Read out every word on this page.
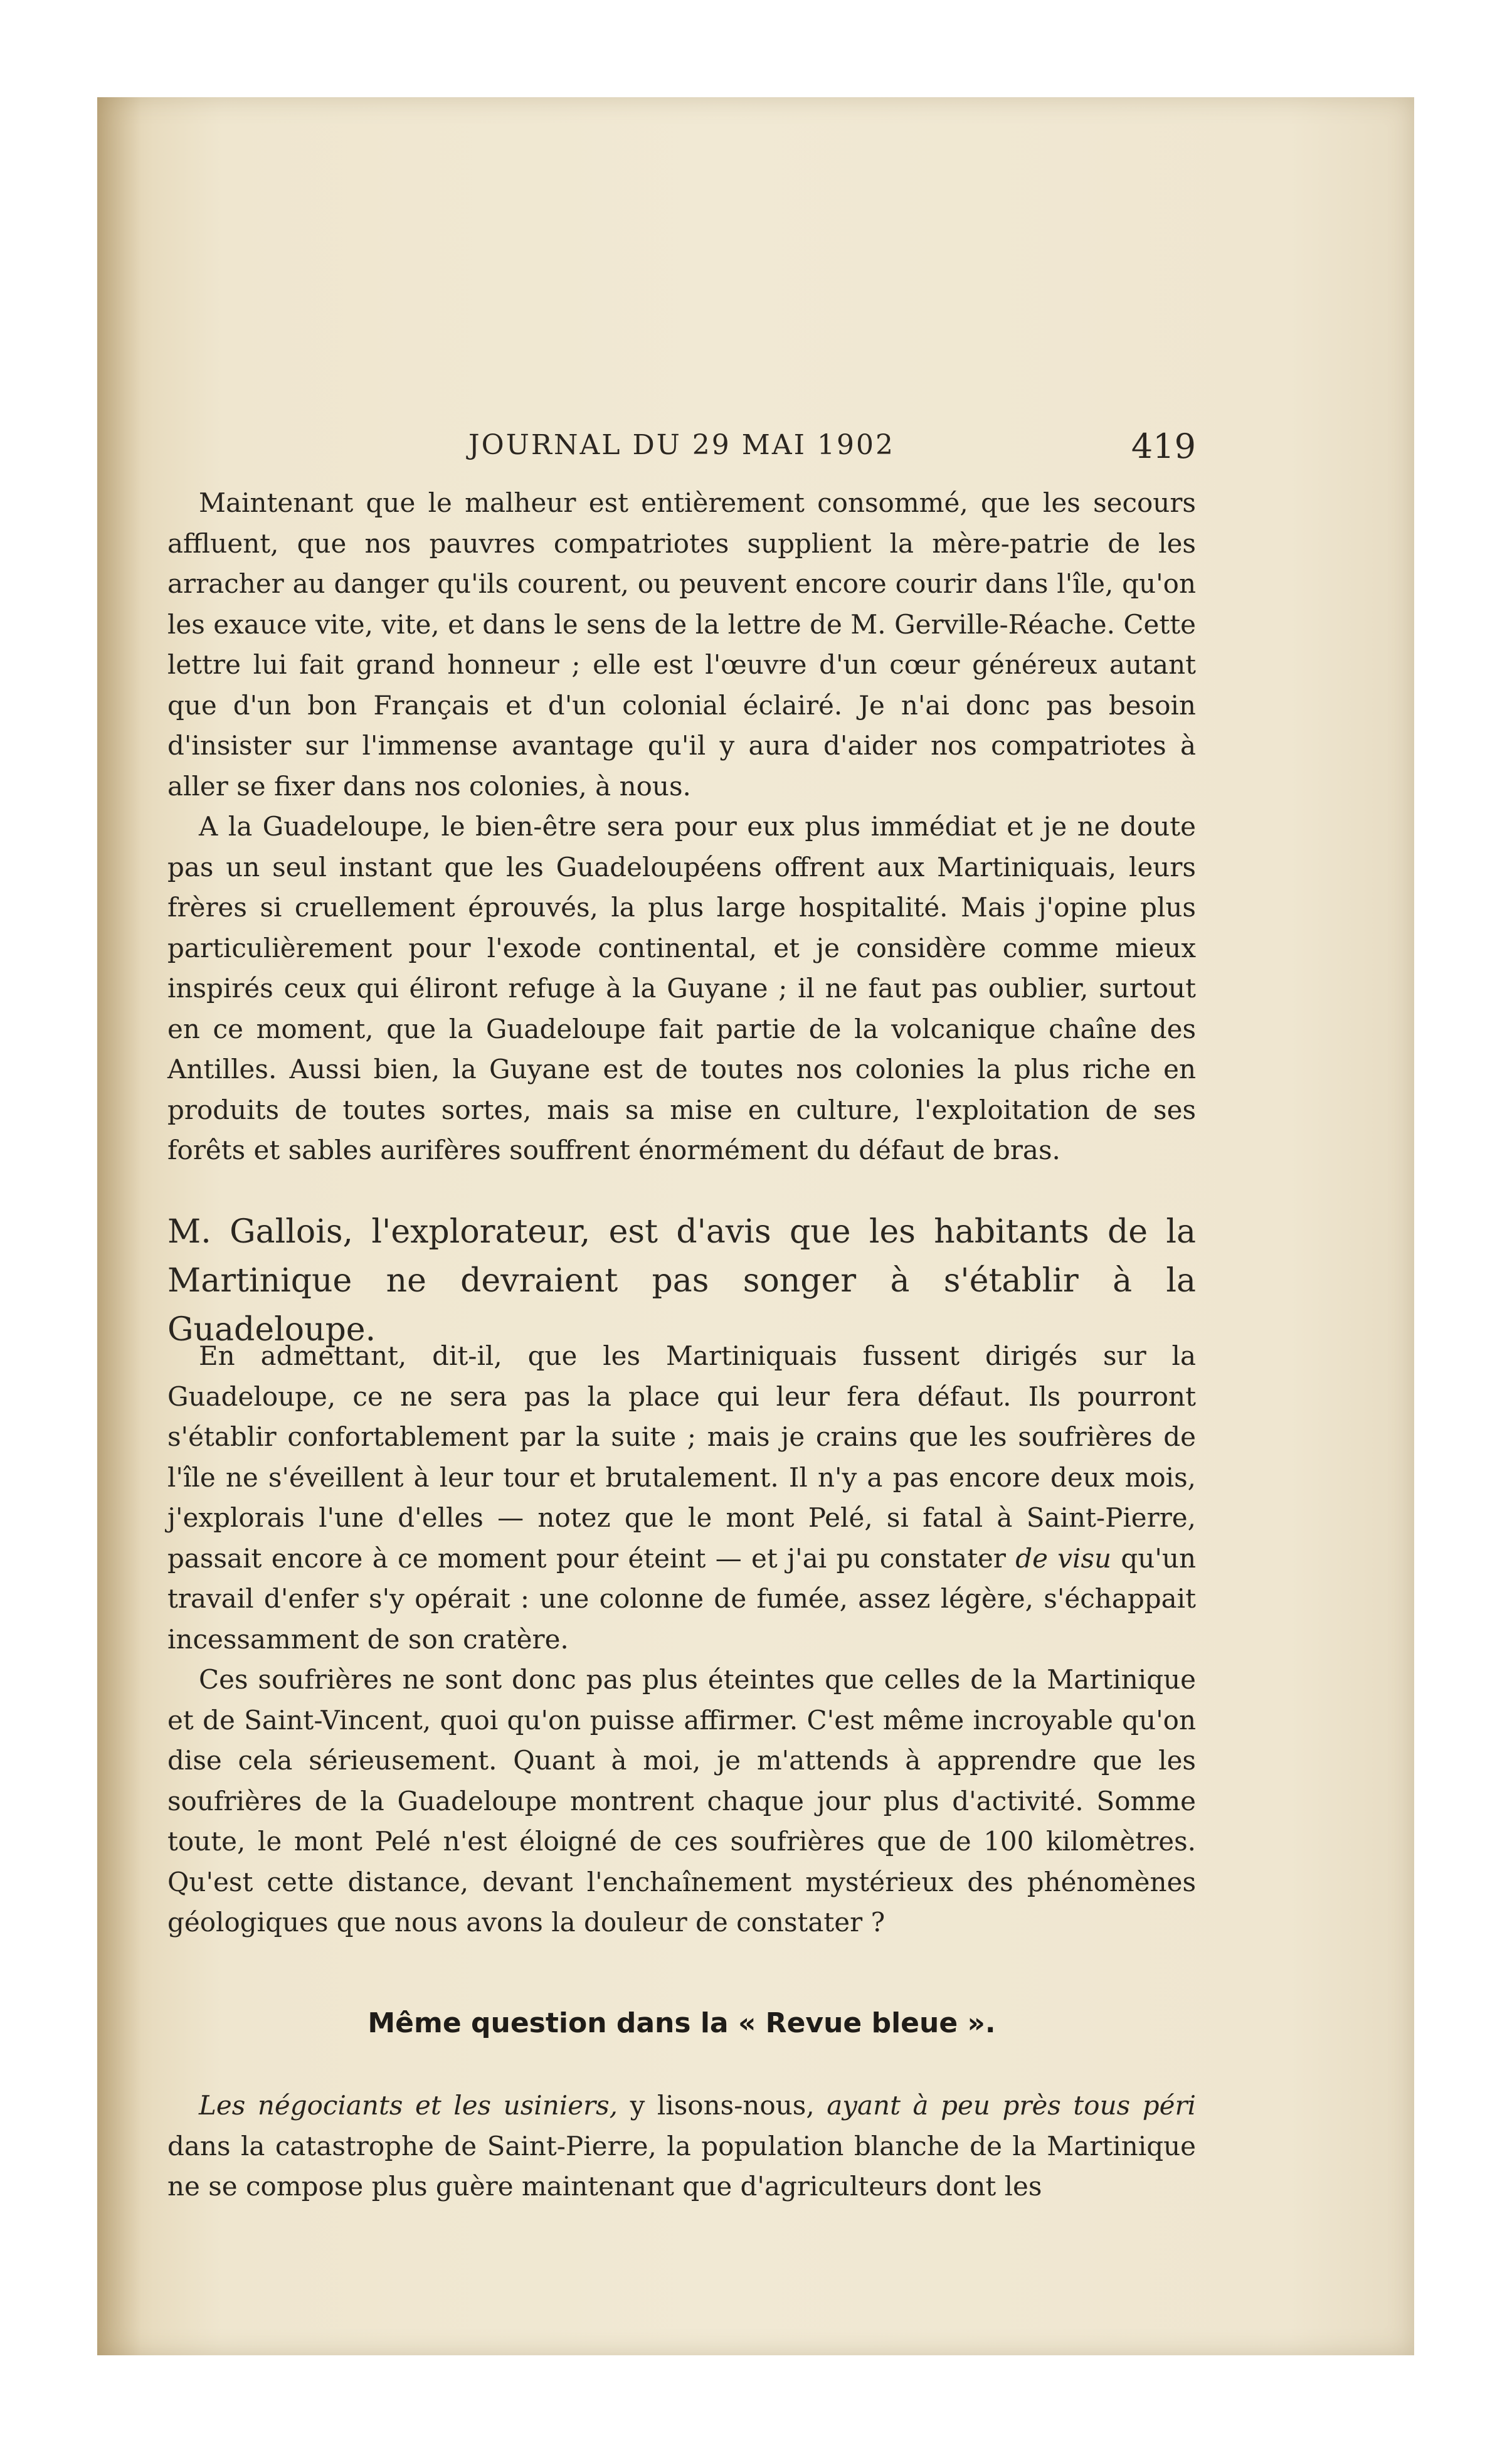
JOURNAL DU 29 MAI 1902	419

Maintenant que le malheur est entièrement consommé, que les secours affluent, que nos pauvres compatriotes supplient la mère-patrie de les arracher au danger qu'ils courent, ou peuvent encore courir dans l'île, qu'on les exauce vite, vite, et dans le sens de la lettre de M. Gerville-Réache. Cette lettre lui fait grand honneur ; elle est l'œuvre d'un cœur généreux autant que d'un bon Français et d'un colonial éclairé. Je n'ai donc pas besoin d'insister sur l'immense avantage qu'il y aura d'aider nos compatriotes à aller se fixer dans nos colonies, à nous.

A la Guadeloupe, le bien-être sera pour eux plus immédiat et je ne doute pas un seul instant que les Guadeloupéens offrent aux Martiniquais, leurs frères si cruellement éprouvés, la plus large hospitalité. Mais j'opine plus particulièrement pour l'exode continental, et je considère comme mieux inspirés ceux qui éliront refuge à la Guyane ; il ne faut pas oublier, surtout en ce moment, que la Guadeloupe fait partie de la volcanique chaîne des Antilles. Aussi bien, la Guyane est de toutes nos colonies la plus riche en produits de toutes sortes, mais sa mise en culture, l'exploitation de ses forêts et sables aurifères souffrent énormément du défaut de bras.

M. Gallois, l'explorateur, est d'avis que les habitants de la Martinique ne devraient pas songer à s'établir à la Guadeloupe.

En admettant, dit-il, que les Martiniquais fussent dirigés sur la Guadeloupe, ce ne sera pas la place qui leur fera défaut. Ils pourront s'établir confortablement par la suite ; mais je crains que les soufrières de l'île ne s'éveillent à leur tour et brutalement. Il n'y a pas encore deux mois, j'explorais l'une d'elles — notez que le mont Pelé, si fatal à Saint-Pierre, passait encore à ce moment pour éteint — et j'ai pu constater de visu qu'un travail d'enfer s'y opérait : une colonne de fumée, assez légère, s'échappait incessamment de son cratère.

Ces soufrières ne sont donc pas plus éteintes que celles de la Martinique et de Saint-Vincent, quoi qu'on puisse affirmer. C'est même incroyable qu'on dise cela sérieusement. Quant à moi, je m'attends à apprendre que les soufrières de la Guadeloupe montrent chaque jour plus d'activité. Somme toute, le mont Pelé n'est éloigné de ces soufrières que de 100 kilomètres. Qu'est cette distance, devant l'enchaînement mystérieux des phénomènes géologiques que nous avons la douleur de constater ?

Même question dans la « Revue bleue ».

Les négociants et les usiniers, y lisons-nous, ayant à peu près tous péri dans la catastrophe de Saint-Pierre, la population blanche de la Martinique ne se compose plus guère maintenant que d'agriculteurs dont les
